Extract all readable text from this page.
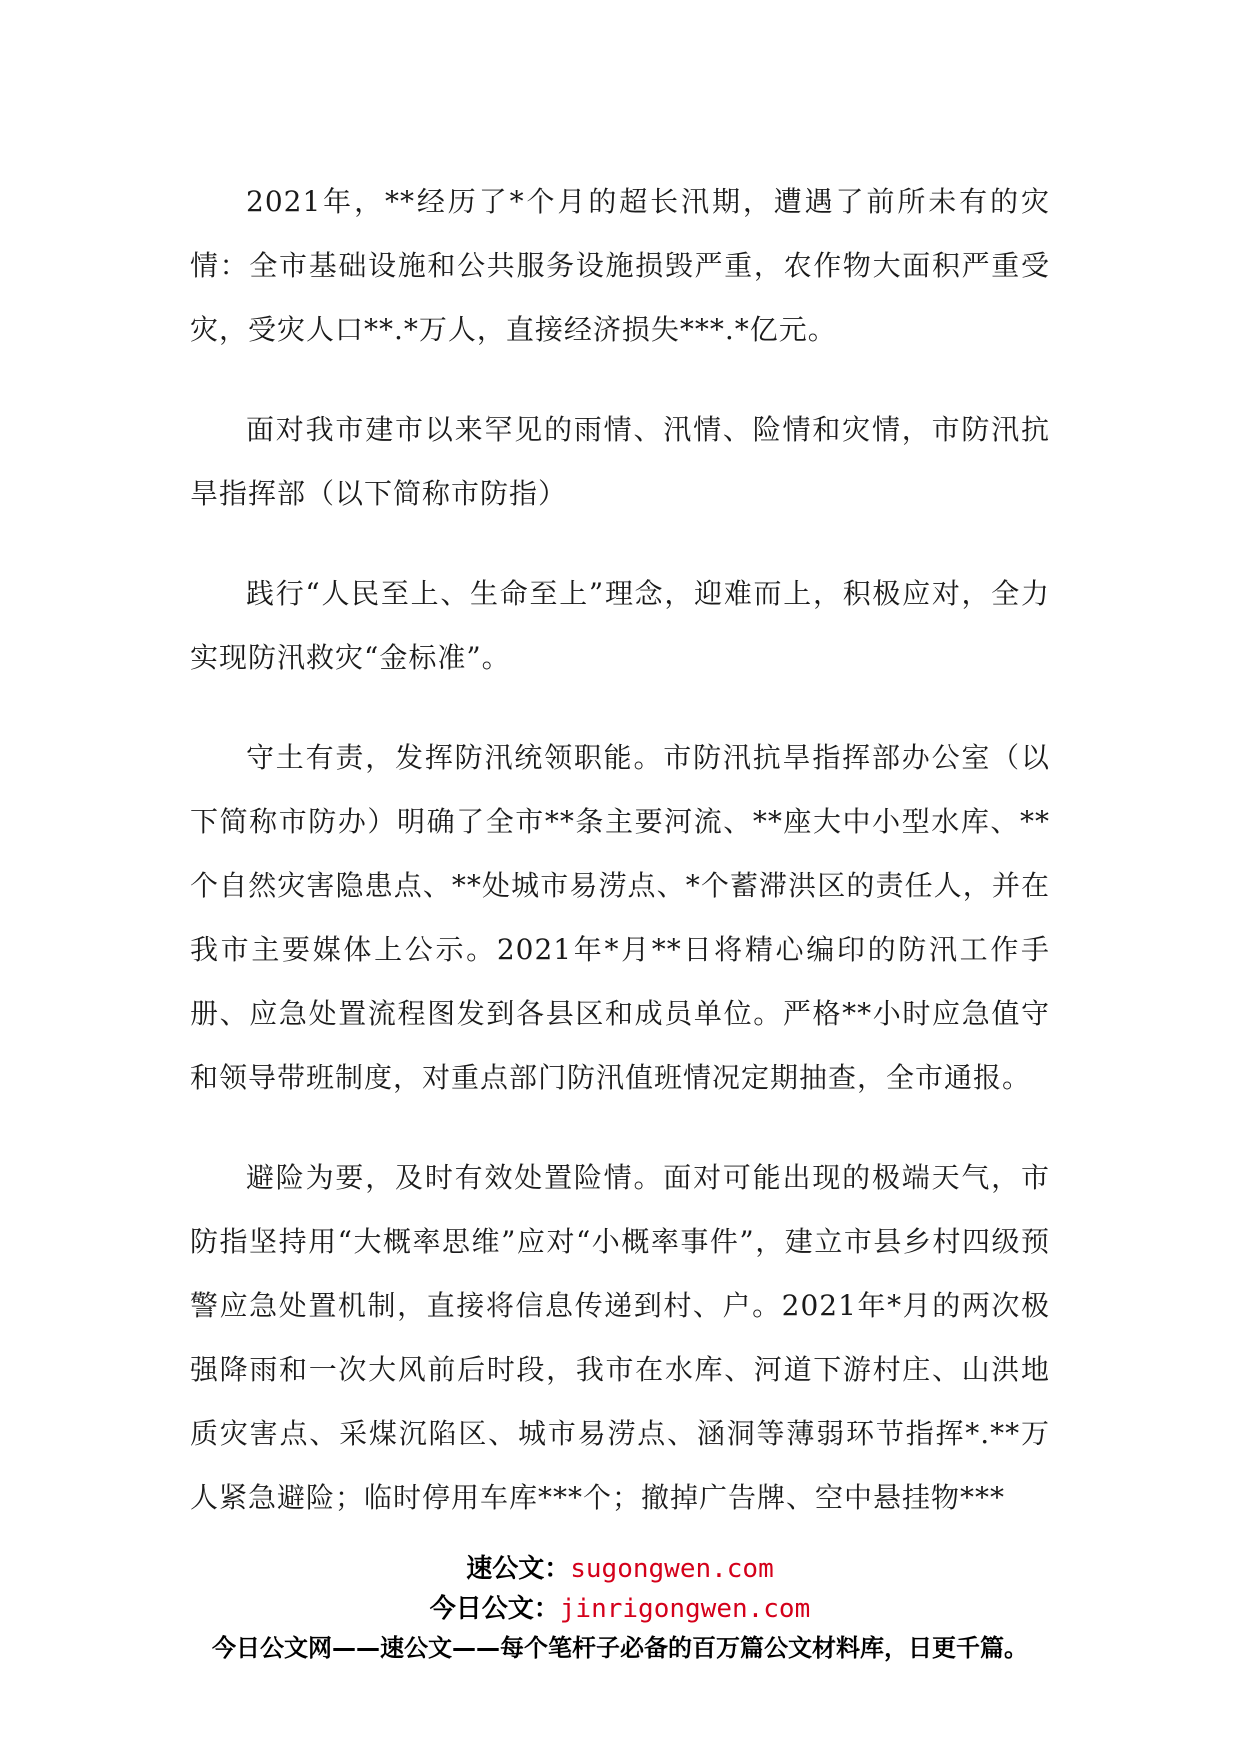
2021年，**经历了*个月的超长汛期，遭遇了前所未有的灾情：全市基础设施和公共服务设施损毁严重，农作物大面积严重受灾，受灾人口**.*万人，直接经济损失***.*亿元。

面对我市建市以来罕见的雨情、汛情、险情和灾情，市防汛抗旱指挥部（以下简称市防指）

践行“人民至上、生命至上”理念，迎难而上，积极应对，全力实现防汛救灾“金标准”。

守土有责，发挥防汛统领职能。市防汛抗旱指挥部办公室（以下简称市防办）明确了全市**条主要河流、**座大中小型水库、**个自然灾害隐患点、**处城市易涝点、*个蓄滞洪区的责任人，并在我市主要媒体上公示。2021年*月**日将精心编印的防汛工作手册、应急处置流程图发到各县区和成员单位。严格**小时应急值守和领导带班制度，对重点部门防汛值班情况定期抽查，全市通报。

避险为要，及时有效处置险情。面对可能出现的极端天气，市防指坚持用“大概率思维”应对“小概率事件”，建立市县乡村四级预警应急处置机制，直接将信息传递到村、户。2021年*月的两次极强降雨和一次大风前后时段，我市在水库、河道下游村庄、山洪地质灾害点、采煤沉陷区、城市易涝点、涵洞等薄弱环节指挥*.**万人紧急避险；临时停用车库***个；撤掉广告牌、空中悬挂物***

速公文：sugongwen.com
今日公文：jinrigongwen.com
今日公文网——速公文——每个笔杆子必备的百万篇公文材料库，日更千篇。
